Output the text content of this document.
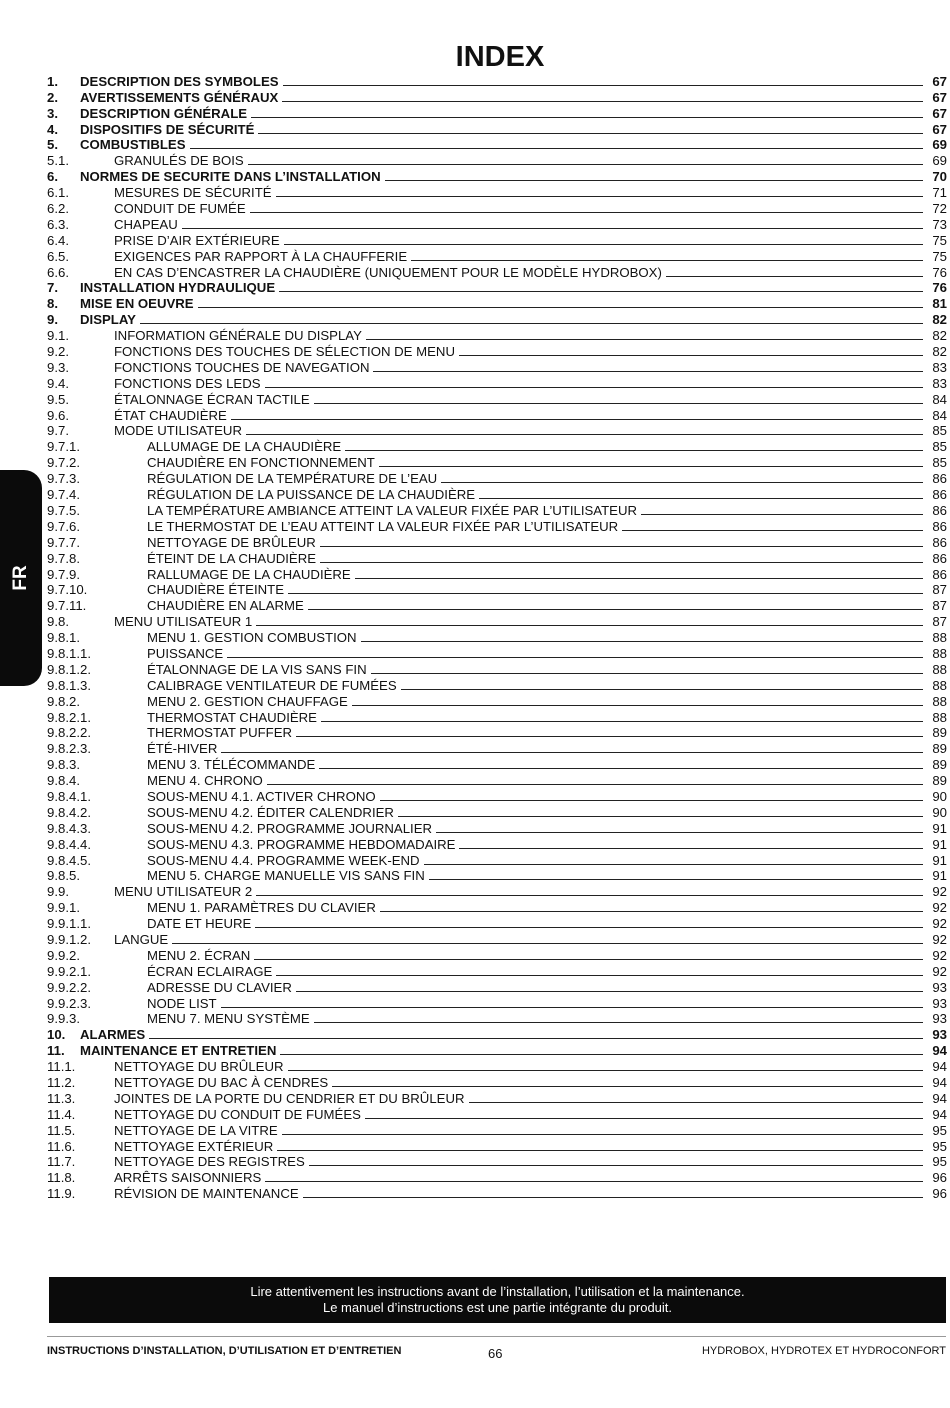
INDEX
FR
1.	DESCRIPTION DES SYMBOLES	67
2.	AVERTISSEMENTS GÉNÉRAUX	67
3.	DESCRIPTION GÉNÉRALE	67
4.	DISPOSITIFS DE SÉCURITÉ	67
5.	COMBUSTIBLES	69
5.1.	GRANULÉS DE BOIS	69
6.	NORMES DE SECURITE DANS L’INSTALLATION	70
6.1.	MESURES DE SÉCURITÉ	71
6.2.	CONDUIT DE FUMÉE	72
6.3.	CHAPEAU	73
6.4.	PRISE D’AIR EXTÉRIEURE	75
6.5.	EXIGENCES PAR RAPPORT À LA CHAUFFERIE	75
6.6.	EN CAS D’ENCASTRER LA CHAUDIÈRE (UNIQUEMENT POUR LE MODÈLE HYDROBOX)	76
7.	INSTALLATION HYDRAULIQUE	76
8.	MISE EN OEUVRE	81
9.	DISPLAY	82
9.1.	INFORMATION GÉNÉRALE DU DISPLAY	82
9.2.	FONCTIONS DES TOUCHES DE SÉLECTION DE MENU	82
9.3.	FONCTIONS TOUCHES DE NAVEGATION	83
9.4.	FONCTIONS DES LEDS	83
9.5.	ÉTALONNAGE ÉCRAN TACTILE	84
9.6.	ÉTAT CHAUDIÈRE	84
9.7.	MODE UTILISATEUR	85
9.7.1.	ALLUMAGE DE LA CHAUDIÈRE	85
9.7.2.	CHAUDIÈRE EN FONCTIONNEMENT	85
9.7.3.	RÉGULATION DE LA TEMPÉRATURE DE L’EAU	86
9.7.4.	RÉGULATION DE LA PUISSANCE DE LA CHAUDIÈRE	86
9.7.5.	LA TEMPÉRATURE AMBIANCE ATTEINT LA VALEUR FIXÉE PAR L’UTILISATEUR	86
9.7.6.	LE THERMOSTAT DE L’EAU ATTEINT LA VALEUR FIXÉE PAR L’UTILISATEUR	86
9.7.7.	NETTOYAGE DE BRÛLEUR	86
9.7.8.	ÉTEINT DE LA CHAUDIÈRE	86
9.7.9.	RALLUMAGE DE LA CHAUDIÈRE	86
9.7.10.	CHAUDIÈRE ÉTEINTE	87
9.7.11.	CHAUDIÈRE EN ALARME	87
9.8.	MENU UTILISATEUR 1	87
9.8.1.	MENU 1. GESTION COMBUSTION	88
9.8.1.1.	PUISSANCE	88
9.8.1.2.	ÉTALONNAGE DE LA VIS SANS FIN	88
9.8.1.3.	CALIBRAGE VENTILATEUR DE FUMÉES	88
9.8.2.	MENU 2. GESTION CHAUFFAGE	88
9.8.2.1.	THERMOSTAT CHAUDIÈRE	88
9.8.2.2.	THERMOSTAT PUFFER	89
9.8.2.3.	ÉTÉ-HIVER	89
9.8.3.	MENU 3. TÉLÉCOMMANDE	89
9.8.4.	MENU 4. CHRONO	89
9.8.4.1.	SOUS-MENU 4.1. ACTIVER CHRONO	90
9.8.4.2.	SOUS-MENU 4.2. ÉDITER CALENDRIER	90
9.8.4.3.	SOUS-MENU 4.2. PROGRAMME JOURNALIER	91
9.8.4.4.	SOUS-MENU 4.3. PROGRAMME HEBDOMADAIRE	91
9.8.4.5.	SOUS-MENU 4.4. PROGRAMME WEEK-END	91
9.8.5.	MENU 5. CHARGE MANUELLE VIS SANS FIN	91
9.9.	MENU UTILISATEUR 2	92
9.9.1.	MENU 1. PARAMÈTRES DU CLAVIER	92
9.9.1.1.	DATE ET HEURE	92
9.9.1.2.	LANGUE	92
9.9.2.	MENU 2. ÉCRAN	92
9.9.2.1.	ÉCRAN ECLAIRAGE	92
9.9.2.2.	ADRESSE DU CLAVIER	93
9.9.2.3.	NODE LIST	93
9.9.3.	MENU 7. MENU SYSTÈME	93
10.	ALARMES	93
11.	MAINTENANCE ET ENTRETIEN	94
11.1.	NETTOYAGE DU BRÛLEUR	94
11.2.	NETTOYAGE DU BAC À CENDRES	94
11.3.	JOINTES DE LA PORTE DU CENDRIER ET DU BRÛLEUR	94
11.4.	NETTOYAGE DU CONDUIT DE FUMÉES	94
11.5.	NETTOYAGE DE LA VITRE	95
11.6.	NETTOYAGE EXTÉRIEUR	95
11.7.	NETTOYAGE DES REGISTRES	95
11.8.	ARRÊTS SAISONNIERS	96
11.9.	RÉVISION DE MAINTENANCE	96
Lire attentivement les instructions avant de l’installation, l’utilisation et la maintenance.
Le manuel d’instructions est une partie intégrante du produit.
INSTRUCTIONS D’INSTALLATION, D’UTILISATION ET D’ENTRETIEN	66	HYDROBOX, HYDROTEX ET HYDROCONFORT
